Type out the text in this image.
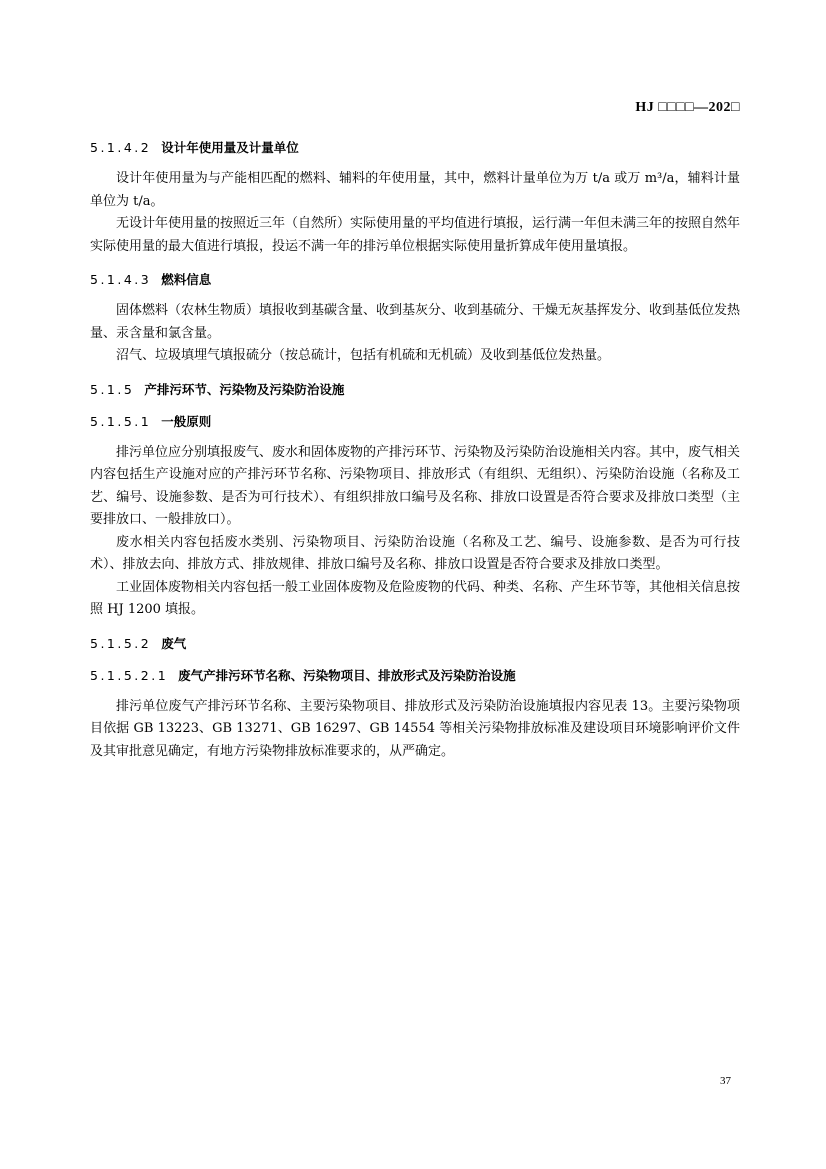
HJ □□□□—202□

5.1.4.2 设计年使用量及计量单位

设计年使用量为与产能相匹配的燃料、辅料的年使用量，其中，燃料计量单位为万 t/a 或万 m³/a，辅料计量单位为 t/a。

无设计年使用量的按照近三年（自然所）实际使用量的平均值进行填报，运行满一年但未满三年的按照自然年实际使用量的最大值进行填报，投运不满一年的排污单位根据实际使用量折算成年使用量填报。

5.1.4.3 燃料信息

固体燃料（农林生物质）填报收到基碳含量、收到基灰分、收到基硫分、干燥无灰基挥发分、收到基低位发热量、汞含量和氯含量。

沼气、垃圾填埋气填报硫分（按总硫计，包括有机硫和无机硫）及收到基低位发热量。

5.1.5 产排污环节、污染物及污染防治设施

5.1.5.1 一般原则

排污单位应分别填报废气、废水和固体废物的产排污环节、污染物及污染防治设施相关内容。其中，废气相关内容包括生产设施对应的产排污环节名称、污染物项目、排放形式（有组织、无组织）、污染防治设施（名称及工艺、编号、设施参数、是否为可行技术）、有组织排放口编号及名称、排放口设置是否符合要求及排放口类型（主要排放口、一般排放口）。

废水相关内容包括废水类别、污染物项目、污染防治设施（名称及工艺、编号、设施参数、是否为可行技术）、排放去向、排放方式、排放规律、排放口编号及名称、排放口设置是否符合要求及排放口类型。

工业固体废物相关内容包括一般工业固体废物及危险废物的代码、种类、名称、产生环节等，其他相关信息按照 HJ 1200 填报。

5.1.5.2 废气

5.1.5.2.1 废气产排污环节名称、污染物项目、排放形式及污染防治设施

排污单位废气产排污环节名称、主要污染物项目、排放形式及污染防治设施填报内容见表 13。主要污染物项目依据 GB 13223、GB 13271、GB 16297、GB 14554 等相关污染物排放标准及建设项目环境影响评价文件及其审批意见确定，有地方污染物排放标准要求的，从严确定。

37
